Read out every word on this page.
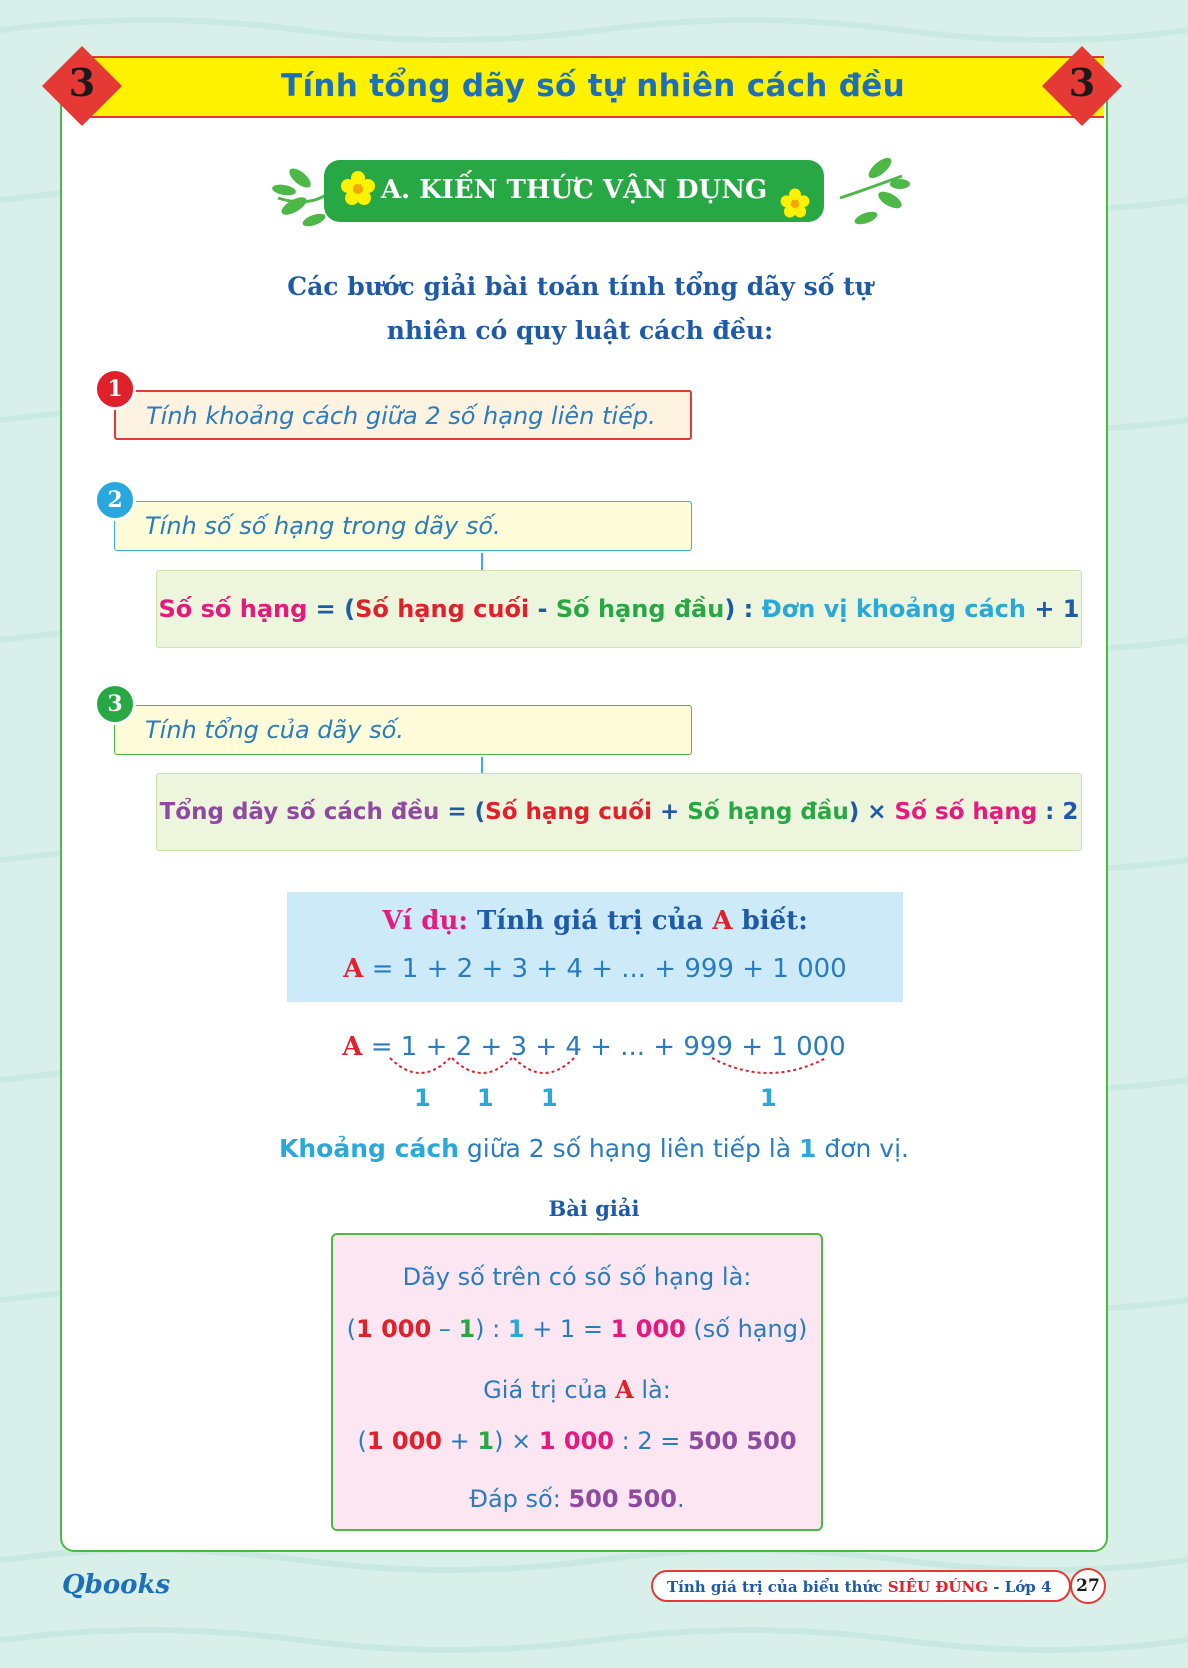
Tính tổng dãy số tự nhiên cách đều
3	3
A. KIẾN THỨC VẬN DỤNG
Các bước giải bài toán tính tổng dãy số tự
nhiên có quy luật cách đều:
Tính khoảng cách giữa 2 số hạng liên tiếp.
1
Tính số số hạng trong dãy số.
2
Số số hạng = (Số hạng cuối - Số hạng đầu) : Đơn vị khoảng cách + 1
Tính tổng của dãy số.
3
Tổng dãy số cách đều = (Số hạng cuối + Số hạng đầu) × Số số hạng : 2
Ví dụ: Tính giá trị của A biết:
A = 1 + 2 + 3 + 4 + ... + 999 + 1 000
A = 1 + 2 + 3 + 4 + ... + 999 + 1 000
1 1 1	1
Khoảng cách giữa 2 số hạng liên tiếp là 1 đơn vị.
Bài giải
Dãy số trên có số số hạng là:
(1 000 – 1) : 1 + 1 = 1 000 (số hạng)
Giá trị của A là:
(1 000 + 1) × 1 000 : 2 = 500 500
Đáp số: 500 500.
Qbooks	Tính giá trị của biểu thức SIÊU ĐÚNG - Lớp 4	27
